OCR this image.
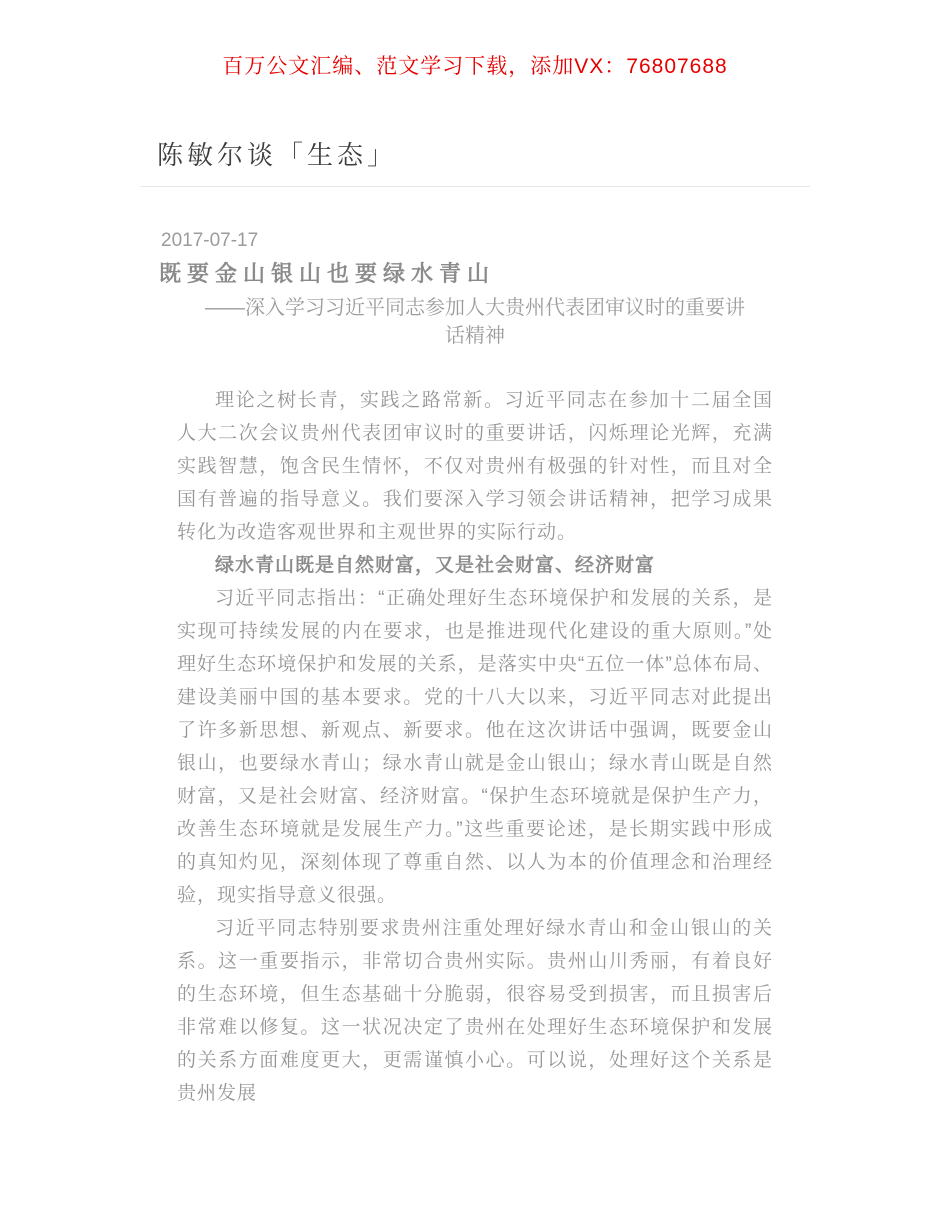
百万公文汇编、范文学习下载，添加VX：76807688
陈敏尔谈「生态」
2017-07-17
既要金山银山也要绿水青山
——深入学习习近平同志参加人大贵州代表团审议时的重要讲话精神

理论之树长青，实践之路常新。习近平同志在参加十二届全国人大二次会议贵州代表团审议时的重要讲话，闪烁理论光辉，充满实践智慧，饱含民生情怀，不仅对贵州有极强的针对性，而且对全国有普遍的指导意义。我们要深入学习领会讲话精神，把学习成果转化为改造客观世界和主观世界的实际行动。

绿水青山既是自然财富，又是社会财富、经济财富

习近平同志指出：“正确处理好生态环境保护和发展的关系，是实现可持续发展的内在要求，也是推进现代化建设的重大原则。”处理好生态环境保护和发展的关系，是落实中央“五位一体”总体布局、建设美丽中国的基本要求。党的十八大以来，习近平同志对此提出了许多新思想、新观点、新要求。他在这次讲话中强调，既要金山银山，也要绿水青山；绿水青山就是金山银山；绿水青山既是自然财富，又是社会财富、经济财富。“保护生态环境就是保护生产力，改善生态环境就是发展生产力。”这些重要论述，是长期实践中形成的真知灼见，深刻体现了尊重自然、以人为本的价值理念和治理经验，现实指导意义很强。

习近平同志特别要求贵州注重处理好绿水青山和金山银山的关系。这一重要指示，非常切合贵州实际。贵州山川秀丽，有着良好的生态环境，但生态基础十分脆弱，很容易受到损害，而且损害后非常难以修复。这一状况决定了贵州在处理好生态环境保护和发展的关系方面难度更大，更需谨慎小心。可以说，处理好这个关系是贵州发展
